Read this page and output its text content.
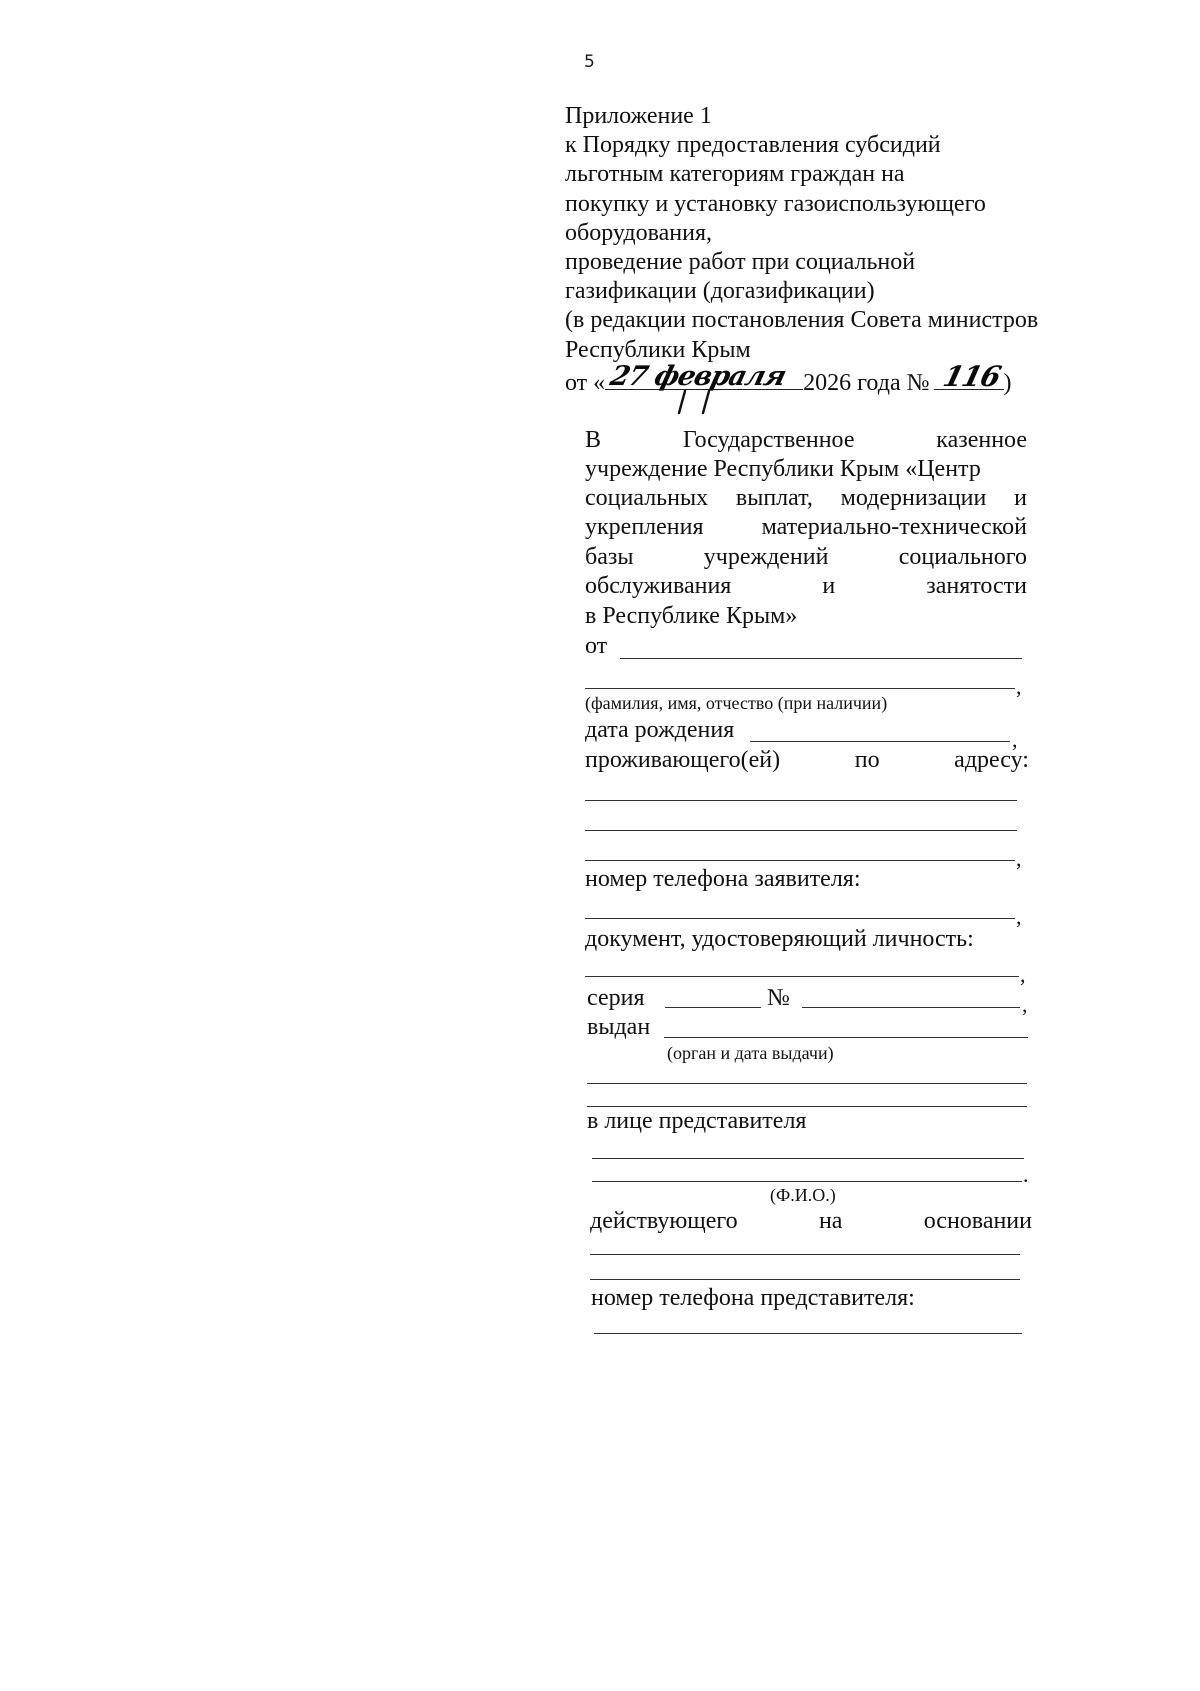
5
Приложение 1
к Порядку предоставления субсидий
льготным категориям граждан на
покупку и установку газоиспользующего
оборудования,
проведение работ при социальной
газификации (догазификации)
(в редакции постановления Совета министров
Республики Крым
от « 27 февраля 2026 года № 116 )
В	Государственное	казенное
учреждение Республики Крым «Центр
социальных выплат, модернизации и
укрепления материально-технической
базы	учреждений	социального
обслуживания	и	занятости
в Республике Крым»
от
,
(фамилия, имя, отчество (при наличии)
дата рождения	,
проживающего(ей)	по	адресу:
,
номер телефона заявителя:
,
документ, удостоверяющий личность:
,
серия	№	,
выдан
(орган и дата выдачи)
в лице представителя
.
(Ф.И.О.)
действующего	на	основании
номер телефона представителя:
